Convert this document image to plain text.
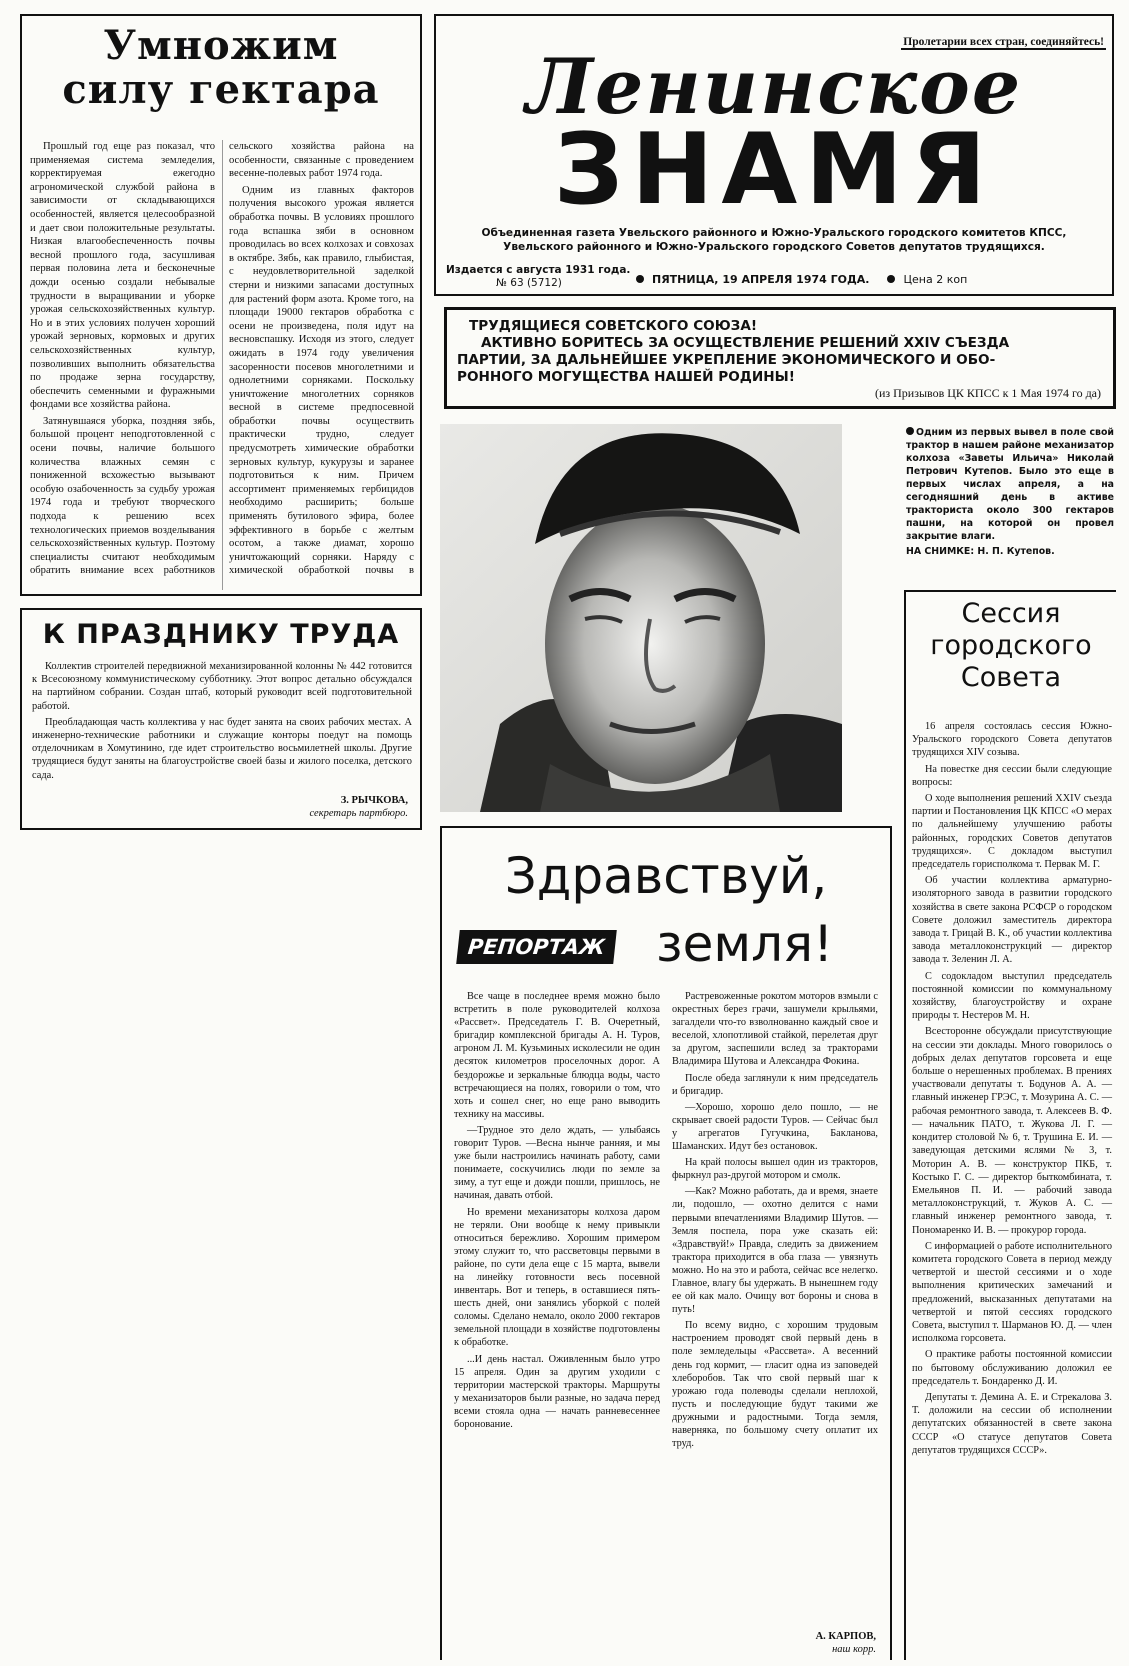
Умножим
силу гектара

Прошлый год еще раз показал, что применяемая система земледелия, корректируемая ежегодно агрономической службой района в зависимости от складывающихся особенностей, является целесообразной и дает свои положительные результаты. Низкая влагообеспеченность почвы весной прошлого года, засушливая первая половина лета и бесконечные дожди осенью создали небывалые трудности в выращивании и уборке урожая сельскохозяйственных культур. Но и в этих условиях получен хороший урожай зерновых, кормовых и других сельскохозяйственных культур, позволивших выполнить обязательства по продаже зерна государству, обеспечить семенными и фуражными фондами все хозяйства района.

Затянувшаяся уборка, поздняя зябь, большой процент неподготовленной с осени почвы, наличие большого количества влажных семян с пониженной всхожестью вызывают особую озабоченность за судьбу урожая 1974 года и требуют творческого подхода к решению всех технологических приемов возделывания сельскохозяйственных культур. Поэтому специалисты считают необходимым обратить внимание всех работников сельского хозяйства района на особенности, связанные с проведением весенне-полевых работ 1974 года.

Одним из главных факторов получения высокого урожая является обработка почвы. В условиях прошлого года вспашка зяби в основном проводилась во всех колхозах и совхозах в октябре. Зябь, как правило, глыбистая, с неудовлетворительной заделкой стерни и низкими запасами доступных для растений форм азота. Кроме того, на площади 19000 гектаров обработка с осени не произведена, поля идут на весновспашку. Исходя из этого, следует ожидать в 1974 году увеличения засоренности посевов многолетними и однолетними сорняками. Поскольку уничтожение многолетних сорняков весной в системе предпосевной обработки почвы осуществить практически трудно, следует предусмотреть химические обработки зерновых культур, кукурузы и заранее подготовиться к ним. Причем ассортимент применяемых гербицидов необходимо расширить; больше применять бутилового эфира, более эффективного в борьбе с желтым осотом, а также диамат, хорошо уничтожающий сорняки. Наряду с химической обработкой почвы в

К ПРАЗДНИКУ ТРУДА

Коллектив строителей передвижной механизированной колонны № 442 готовится к Всесоюзному коммунистическому субботнику. Этот вопрос детально обсуждался на партийном собрании. Создан штаб, который руководит всей подготовительной работой.

Преобладающая часть коллектива у нас будет занята на своих рабочих местах. А инженерно-технические работники и служащие конторы поедут на помощь отделочникам в Хомутинино, где идет строительство восьмилетней школы. Другие трудящиеся будут заняты на благоустройстве своей базы и жилого поселка, детского сада.

З. РЫЧКОВА,
секретарь партбюро.
Пролетарии всех стран, соединяйтесь!
Ленинское
ЗНАМЯ
Объединенная газета Увельского районного и Южно-Уральского городского комитетов КПСС,
Увельского районного и Южно-Уральского городского Советов депутатов трудящихся.
Издается с августа 1931 года.
№ 63 (5712)	ПЯТНИЦА, 19 АПРЕЛЯ 1974 ГОДА.	Цена 2 коп
ТРУДЯЩИЕСЯ СОВЕТСКОГО СОЮЗА!
АКТИВНО БОРИТЕСЬ ЗА ОСУЩЕСТВЛЕНИЕ РЕШЕНИЙ XXIV СЪЕЗДА
ПАРТИИ, ЗА ДАЛЬНЕЙШЕЕ УКРЕПЛЕНИЕ ЭКОНОМИЧЕСКОГО И ОБО-
РОННОГО МОГУЩЕСТВА НАШЕЙ РОДИНЫ!
(из Призывов ЦК КПСС к 1 Мая 1974 го да)
Одним из первых вывел в поле свой трактор в нашем районе механизатор колхоза «Заветы Ильича» Николай Петрович Кутепов. Было это еще в первых числах апреля, а на сегодняшний день в активе тракториста около 300 гектаров пашни, на которой он провел закрытие влаги.
НА СНИМКЕ: Н. П. Кутепов.
Сессия
городского
Совета

16 апреля состоялась сессия Южно-Уральского городского Совета депутатов трудящихся XIV созыва.

На повестке дня сессии были следующие вопросы:

О ходе выполнения решений XXIV съезда партии и Постановления ЦК КПСС «О мерах по дальнейшему улучшению работы районных, городских Советов депутатов трудящихся». С докладом выступил председатель горисполкома т. Первак М. Г.

Об участии коллектива арматурно-изоляторного завода в развитии городского хозяйства в свете закона РСФСР о городском Совете доложил заместитель директора завода т. Грицай В. К., об участии коллектива завода металлоконструкций — директор завода т. Зеленин Л. А.

С содокладом выступил председатель постоянной комиссии по коммунальному хозяйству, благоустройству и охране природы т. Нестеров М. Н.

Всесторонне обсуждали присутствующие на сессии эти доклады. Много говорилось о добрых делах депутатов горсовета и еще больше о нерешенных проблемах. В прениях участвовали депутаты т. Бодунов А. А. — главный инженер ГРЭС, т. Мозурина А. С. — рабочая ремонтного завода, т. Алексеев В. Ф. — начальник ПАТО, т. Жукова Л. Г. — кондитер столовой № 6, т. Трушина Е. И. — заведующая детскими яслями № 3, т. Моторин А. В. — конструктор ПКБ, т. Костыко Г. С. — директор быткомбината, т. Емельянов П. И. — рабочий завода металлоконструкций, т. Жуков А. С. — главный инженер ремонтного завода, т. Пономаренко И. В. — прокурор города.

С информацией о работе исполнительного комитета городского Совета в период между четвертой и шестой сессиями и о ходе выполнения критических замечаний и предложений, высказанных депутатами на четвертой и пятой сессиях городского Совета, выступил т. Шарманов Ю. Д. — член исполкома горсовета.

О практике работы постоянной комиссии по бытовому обслуживанию доложил ее председатель т. Бондаренко Д. И.

Депутаты т. Демина А. Е. и Стрекалова З. Т. доложили на сессии об исполнении депутатских обязанностей в свете закона СССР «О статусе депутатов Совета депутатов трудящихся СССР».

Здравствуй,
РЕПОРТАЖ земля!

Все чаще в последнее время можно было встретить в поле руководителей колхоза «Рассвет». Председатель Г. В. Очеретный, бригадир комплексной бригады А. Н. Туров, агроном Л. М. Кузьминых исколесили не один десяток километров проселочных дорог. А бездорожье и зеркальные блюдца воды, часто встречающиеся на полях, говорили о том, что хоть и сошел снег, но еще рано выводить технику на массивы.

—Трудное это дело ждать, — улыбаясь говорит Туров. —Весна нынче ранняя, и мы уже были настроились начинать работу, сами понимаете, соскучились люди по земле за зиму, а тут еще и дожди пошли, пришлось, не начиная, давать отбой.

Но времени механизаторы колхоза даром не теряли. Они вообще к нему привыкли относиться бережливо. Хорошим примером этому служит то, что рассветовцы первыми в районе, по сути дела еще с 15 марта, вывели на линейку готовности весь посевной инвентарь. Вот и теперь, в оставшиеся пять-шесть дней, они занялись уборкой с полей соломы. Сделано немало, около 2000 гектаров земельной площади в хозяйстве подготовлены к обработке.

...И день настал. Оживленным было утро 15 апреля. Один за другим уходили с территории мастерской тракторы. Маршруты у механизаторов были разные, но задача перед всеми стояла одна — начать ранневесеннее боронование.

Растревоженные рокотом моторов взмыли с окрестных берез грачи, зашумели крыльями, загалдели что-то взволнованно каждый свое и веселой, хлопотливой стайкой, перелетая друг за другом, заспешили вслед за тракторами Владимира Шутова и Александра Фокина.

После обеда заглянули к ним председатель и бригадир.

—Хорошо, хорошо дело пошло, — не скрывает своей радости Туров. — Сейчас был у агрегатов Гугучкина, Бакланова, Шаманских. Идут без остановок.

На край полосы вышел один из тракторов, фыркнул раз-другой мотором и смолк.

—Как? Можно работать, да и время, знаете ли, подошло, — охотно делится с нами первыми впечатлениями Владимир Шутов. — Земля поспела, пора уже сказать ей: «Здравствуй!» Правда, следить за движением трактора приходится в оба глаза — увязнуть можно. Но на это и работа, сейчас все нелегко. Главное, влагу бы удержать. В нынешнем году ее ой как мало. Очищу вот бороны и снова в путь!

По всему видно, с хорошим трудовым настроением проводят свой первый день в поле земледельцы «Рассвета». А весенний день год кормит, — гласит одна из заповедей хлеборобов. Так что свой первый шаг к урожаю года полеводы сделали неплохой, пусть и последующие будут такими же дружными и радостными. Тогда земля, наверняка, по большому счету оплатит их труд.

А. КАРПОВ,
наш корр.
